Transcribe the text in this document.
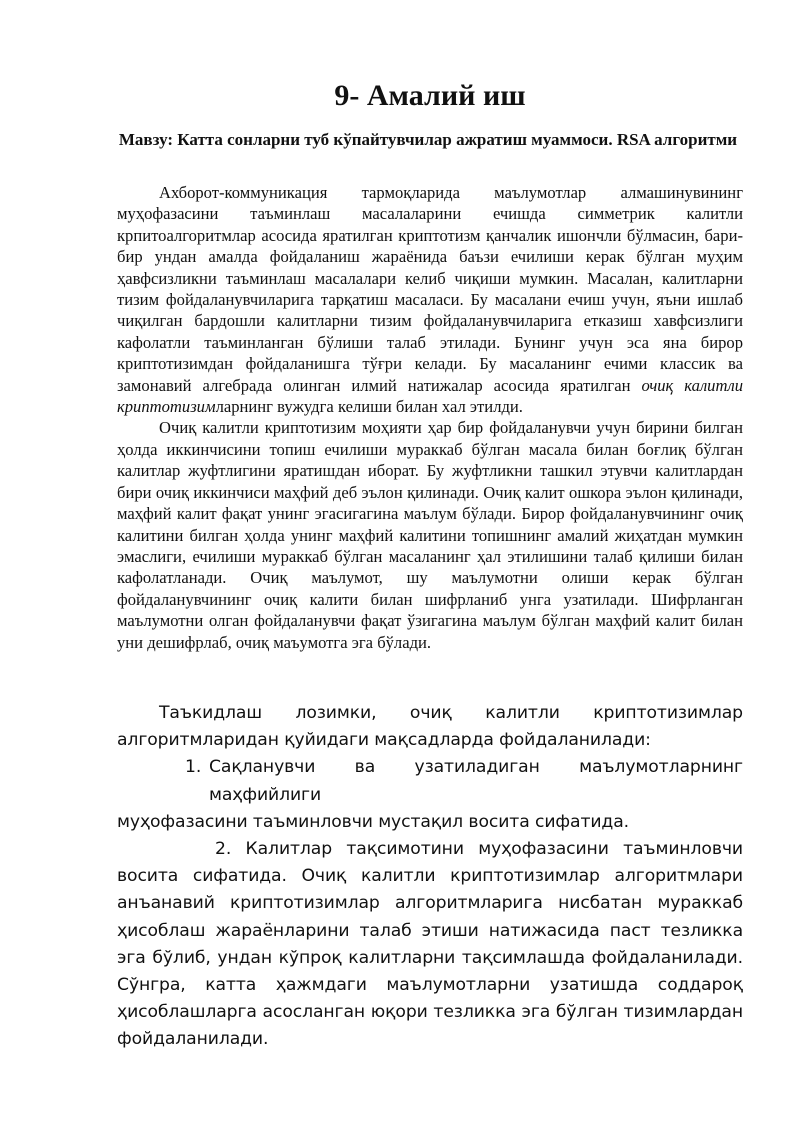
9- Амалий иш
Мавзу: Катта сонларни туб кўпайтувчилар ажратиш муаммоси. RSA алгоритми

Ахборот-коммуникация тармоқларида маълумотлар алмашинувининг муҳофазасини таъминлаш масалаларини ечишда симметрик калитли крпитоалгоритмлар асосида яратилган криптотизм қанчалик ишончли бўлмасин, бари-бир ундан амалда фойдаланиш жараёнида баъзи ечилиши керак бўлган муҳим ҳавфсизликни таъминлаш масалалари келиб чиқиши мумкин. Масалан, калитларни тизим фойдаланувчиларига тарқатиш масаласи. Бу масалани ечиш учун, яъни ишлаб чиқилган бардошли калитларни тизим фойдаланувчиларига етказиш хавфсизлиги кафолатли таъминланган бўлиши талаб этилади. Бунинг учун эса яна бирор криптотизимдан фойдаланишга тўғри келади. Бу масаланинг ечими классик ва замонавий алгебрада олинган илмий натижалар асосида яратилган очиқ калитли криптотизимларнинг вужудга келиши билан хал этилди.

Очиқ калитли криптотизим моҳияти ҳар бир фойдаланувчи учун бирини билган ҳолда иккинчисини топиш ечилиши мураккаб бўлган масала билан боғлиқ бўлган калитлар жуфтлигини яратишдан иборат. Бу жуфтликни ташкил этувчи калитлардан бири очиқ иккинчиси маҳфий деб эълон қилинади. Очиқ калит ошкора эълон қилинади, маҳфий калит фақат унинг эгасигагина маълум бўлади. Бирор фойдаланувчининг очиқ калитини билган ҳолда унинг маҳфий калитини топишнинг амалий жиҳатдан мумкин эмаслиги, ечилиши мураккаб бўлган масаланинг ҳал этилишини талаб қилиши билан кафолатланади. Очиқ маълумот, шу маълумотни олиши керак бўлган фойдаланувчининг очиқ калити билан шифрланиб унга узатилади. Шифрланган маълумотни олган фойдаланувчи фақат ўзигагина маълум бўлган маҳфий калит билан уни дешифрлаб, очиқ маъумотга эга бўлади.

Таъкидлаш лозимки, очиқ калитли криптотизимлар алгоритмларидан қуйидаги мақсадларда фойдаланилади:

1. Сақланувчи ва узатиладиган маълумотларнинг маҳфийлиги

муҳофазасини таъминловчи мустақил восита сифатида.

2. Калитлар тақсимотини муҳофазасини таъминловчи восита сифатида. Очиқ калитли криптотизимлар алгоритмлари анъанавий криптотизимлар алгоритмларига нисбатан мураккаб ҳисоблаш жараёнларини талаб этиши натижасида паст тезликка эга бўлиб, ундан кўпроқ калитларни тақсимлашда фойдаланилади. Сўнгра, катта ҳажмдаги маълумотларни узатишда соддароқ ҳисоблашларга асосланган юқори тезликка эга бўлган тизимлардан фойдаланилади.
